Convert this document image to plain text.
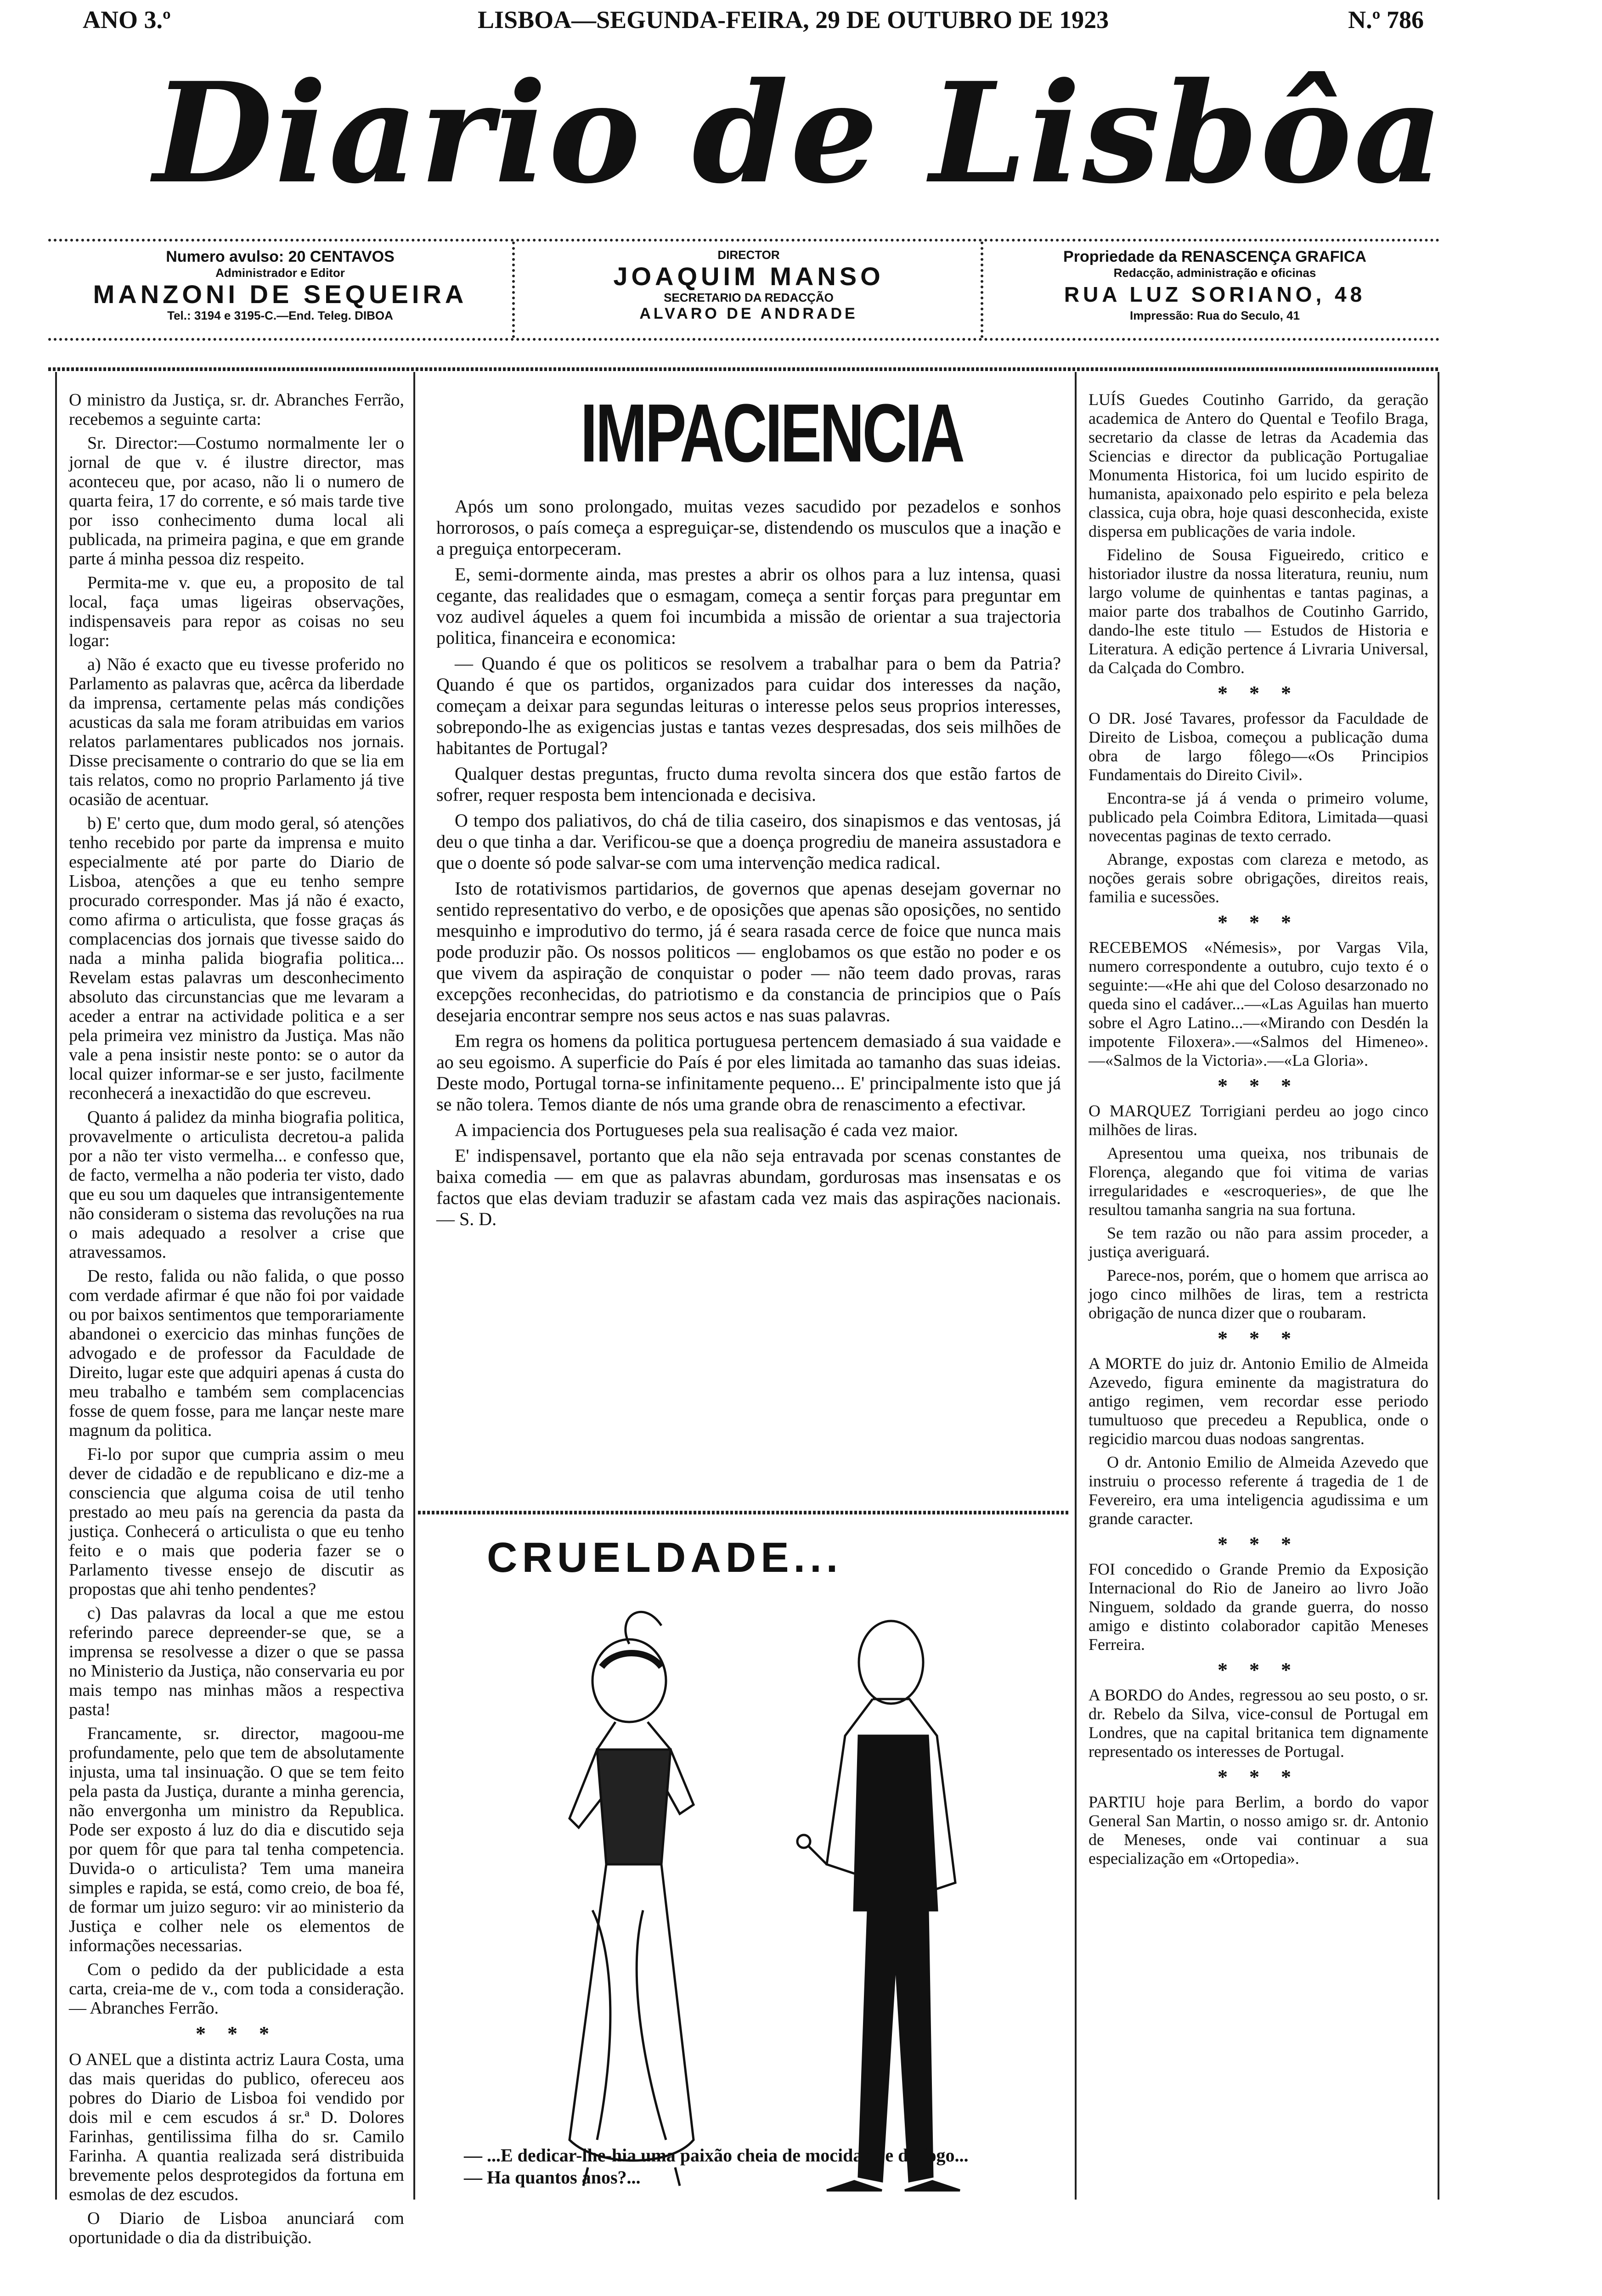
ANO 3.º	LISBOA—SEGUNDA-FEIRA, 29 DE OUTUBRO DE 1923	N.º 786
Diario de Lisbôa
Numero avulso: 20 CENTAVOS
Administrador e Editor
MANZONI DE SEQUEIRA
Tel.: 3194 e 3195-C.—End. Teleg. DIBOA
DIRECTOR
JOAQUIM MANSO
SECRETARIO DA REDACÇÃO
ALVARO DE ANDRADE
Propriedade da RENASCENÇA GRAFICA
Redacção, administração e oficinas
RUA LUZ SORIANO, 48
Impressão: Rua do Seculo, 41

O ministro da Justiça, sr. dr. Abranches Ferrão, recebemos a seguinte carta:

Sr. Director:—Costumo normalmente ler o jornal de que v. é ilustre director, mas aconteceu que, por acaso, não li o numero de quarta feira, 17 do corrente, e só mais tarde tive por isso conhecimento duma local ali publicada, na primeira pagina, e que em grande parte á minha pessoa diz respeito.

Permita-me v. que eu, a proposito de tal local, faça umas ligeiras observações, indispensaveis para repor as coisas no seu logar:

a) Não é exacto que eu tivesse proferido no Parlamento as palavras que, acêrca da liberdade da imprensa, certamente pelas más condições acusticas da sala me foram atribuidas em varios relatos parlamentares publicados nos jornais. Disse precisamente o contrario do que se lia em tais relatos, como no proprio Parlamento já tive ocasião de acentuar.

b) E' certo que, dum modo geral, só atenções tenho recebido por parte da imprensa e muito especialmente até por parte do Diario de Lisboa, atenções a que eu tenho sempre procurado corresponder. Mas já não é exacto, como afirma o articulista, que fosse graças ás complacencias dos jornais que tivesse saido do nada a minha palida biografia politica... Revelam estas palavras um desconhecimento absoluto das circunstancias que me levaram a aceder a entrar na actividade politica e a ser pela primeira vez ministro da Justiça. Mas não vale a pena insistir neste ponto: se o autor da local quizer informar-se e ser justo, facilmente reconhecerá a inexactidão do que escreveu.

Quanto á palidez da minha biografia politica, provavelmente o articulista decretou-a palida por a não ter visto vermelha... e confesso que, de facto, vermelha a não poderia ter visto, dado que eu sou um daqueles que intransigentemente não consideram o sistema das revoluções na rua o mais adequado a resolver a crise que atravessamos.

De resto, falida ou não falida, o que posso com verdade afirmar é que não foi por vaidade ou por baixos sentimentos que temporariamente abandonei o exercicio das minhas funções de advogado e de professor da Faculdade de Direito, lugar este que adquiri apenas á custa do meu trabalho e também sem complacencias fosse de quem fosse, para me lançar neste mare magnum da politica.

Fi-lo por supor que cumpria assim o meu dever de cidadão e de republicano e diz-me a consciencia que alguma coisa de util tenho prestado ao meu país na gerencia da pasta da justiça. Conhecerá o articulista o que eu tenho feito e o mais que poderia fazer se o Parlamento tivesse ensejo de discutir as propostas que ahi tenho pendentes?

c) Das palavras da local a que me estou referindo parece depreender-se que, se a imprensa se resolvesse a dizer o que se passa no Ministerio da Justiça, não conservaria eu por mais tempo nas minhas mãos a respectiva pasta!

Francamente, sr. director, magoou-me profundamente, pelo que tem de absolutamente injusta, uma tal insinuação. O que se tem feito pela pasta da Justiça, durante a minha gerencia, não envergonha um ministro da Republica. Pode ser exposto á luz do dia e discutido seja por quem fôr que para tal tenha competencia. Duvida-o o articulista? Tem uma maneira simples e rapida, se está, como creio, de boa fé, de formar um juizo seguro: vir ao ministerio da Justiça e colher nele os elementos de informações necessarias.

Com o pedido da der publicidade a esta carta, creia-me de v., com toda a consideração. — Abranches Ferrão.

* * *

O ANEL que a distinta actriz Laura Costa, uma das mais queridas do publico, ofereceu aos pobres do Diario de Lisboa foi vendido por dois mil e cem escudos á sr.ª D. Dolores Farinhas, gentilissima filha do sr. Camilo Farinha. A quantia realizada será distribuida brevemente pelos desprotegidos da fortuna em esmolas de dez escudos.

O Diario de Lisboa anunciará com oportunidade o dia da distribuição.

IMPACIENCIA

Após um sono prolongado, muitas vezes sacudido por pezadelos e sonhos horrorosos, o país começa a espreguiçar-se, distendendo os musculos que a inação e a preguiça entorpeceram.

E, semi-dormente ainda, mas prestes a abrir os olhos para a luz intensa, quasi cegante, das realidades que o esmagam, começa a sentir forças para preguntar em voz audivel áqueles a quem foi incumbida a missão de orientar a sua trajectoria politica, financeira e economica:

— Quando é que os politicos se resolvem a trabalhar para o bem da Patria? Quando é que os partidos, organizados para cuidar dos interesses da nação, começam a deixar para segundas leituras o interesse pelos seus proprios interesses, sobrepondo-lhe as exigencias justas e tantas vezes despresadas, dos seis milhões de habitantes de Portugal?

Qualquer destas preguntas, fructo duma revolta sincera dos que estão fartos de sofrer, requer resposta bem intencionada e decisiva.

O tempo dos paliativos, do chá de tilia caseiro, dos sinapismos e das ventosas, já deu o que tinha a dar. Verificou-se que a doença progrediu de maneira assustadora e que o doente só pode salvar-se com uma intervenção medica radical.

Isto de rotativismos partidarios, de governos que apenas desejam governar no sentido representativo do verbo, e de oposições que apenas são oposições, no sentido mesquinho e improdutivo do termo, já é seara rasada cerce de foice que nunca mais pode produzir pão. Os nossos politicos — englobamos os que estão no poder e os que vivem da aspiração de conquistar o poder — não teem dado provas, raras excepções reconhecidas, do patriotismo e da constancia de principios que o País desejaria encontrar sempre nos seus actos e nas suas palavras.

Em regra os homens da politica portuguesa pertencem demasiado á sua vaidade e ao seu egoismo. A superficie do País é por eles limitada ao tamanho das suas ideias. Deste modo, Portugal torna-se infinitamente pequeno... E' principalmente isto que já se não tolera. Temos diante de nós uma grande obra de renascimento a efectivar.

A impaciencia dos Portugueses pela sua realisação é cada vez maior.

E' indispensavel, portanto que ela não seja entravada por scenas constantes de baixa comedia — em que as palavras abundam, gordurosas mas insensatas e os factos que elas deviam traduzir se afastam cada vez mais das aspirações nacionais. — S. D.

CRUELDADE...
— ...E dedicar-lhe-hia uma paixão cheia de mocidade e de fogo...
— Ha quantos anos?...

LUÍS Guedes Coutinho Garrido, da geração academica de Antero do Quental e Teofilo Braga, secretario da classe de letras da Academia das Sciencias e director da publicação Portugaliae Monumenta Historica, foi um lucido espirito de humanista, apaixonado pelo espirito e pela beleza classica, cuja obra, hoje quasi desconhecida, existe dispersa em publicações de varia indole.

Fidelino de Sousa Figueiredo, critico e historiador ilustre da nossa literatura, reuniu, num largo volume de quinhentas e tantas paginas, a maior parte dos trabalhos de Coutinho Garrido, dando-lhe este titulo — Estudos de Historia e Literatura. A edição pertence á Livraria Universal, da Calçada do Combro.

* * *

O DR. José Tavares, professor da Faculdade de Direito de Lisboa, começou a publicação duma obra de largo fôlego—«Os Principios Fundamentais do Direito Civil».

Encontra-se já á venda o primeiro volume, publicado pela Coimbra Editora, Limitada—quasi novecentas paginas de texto cerrado.

Abrange, expostas com clareza e metodo, as noções gerais sobre obrigações, direitos reais, familia e sucessões.

* * *

RECEBEMOS «Némesis», por Vargas Vila, numero correspondente a outubro, cujo texto é o seguinte:—«He ahi que del Coloso desarzonado no queda sino el cadáver...—«Las Aguilas han muerto sobre el Agro Latino...—«Mirando con Desdén la impotente Filoxera».—«Salmos del Himeneo».—«Salmos de la Victoria».—«La Gloria».

* * *

O MARQUEZ Torrigiani perdeu ao jogo cinco milhões de liras.

Apresentou uma queixa, nos tribunais de Florença, alegando que foi vitima de varias irregularidades e «escroqueries», de que lhe resultou tamanha sangria na sua fortuna.

Se tem razão ou não para assim proceder, a justiça averiguará.

Parece-nos, porém, que o homem que arrisca ao jogo cinco milhões de liras, tem a restricta obrigação de nunca dizer que o roubaram.

* * *

A MORTE do juiz dr. Antonio Emilio de Almeida Azevedo, figura eminente da magistratura do antigo regimen, vem recordar esse periodo tumultuoso que precedeu a Republica, onde o regicidio marcou duas nodoas sangrentas.

O dr. Antonio Emilio de Almeida Azevedo que instruiu o processo referente á tragedia de 1 de Fevereiro, era uma inteligencia agudissima e um grande caracter.

* * *

FOI concedido o Grande Premio da Exposição Internacional do Rio de Janeiro ao livro João Ninguem, soldado da grande guerra, do nosso amigo e distinto colaborador capitão Meneses Ferreira.

* * *

A BORDO do Andes, regressou ao seu posto, o sr. dr. Rebelo da Silva, vice-consul de Portugal em Londres, que na capital britanica tem dignamente representado os interesses de Portugal.

* * *

PARTIU hoje para Berlim, a bordo do vapor General San Martin, o nosso amigo sr. dr. Antonio de Meneses, onde vai continuar a sua especialização em «Ortopedia».
